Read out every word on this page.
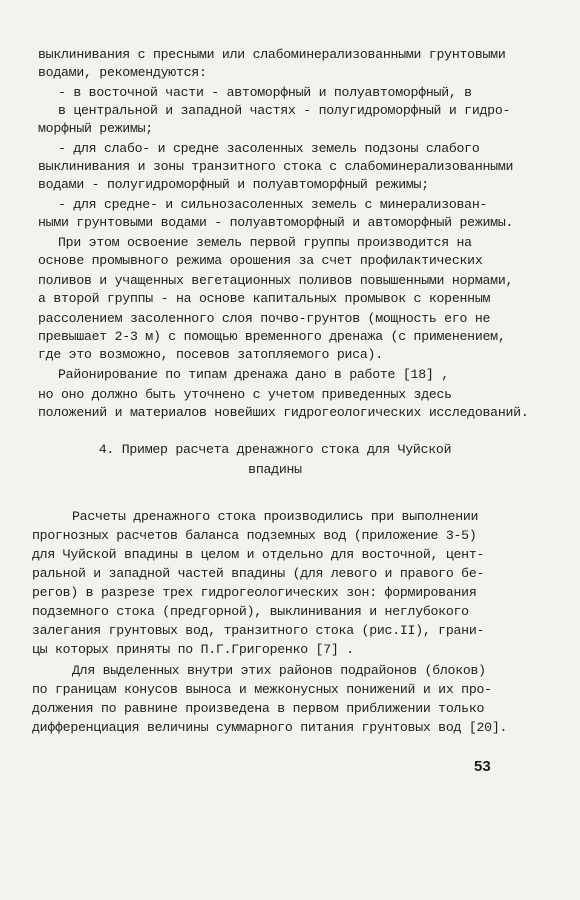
выклинивания с пресными или слабоминерализованными грунтовыми
водами, рекомендуются:
- в восточной части - автоморфный и полуавтоморфный, в
в центральной и западной частях - полугидроморфный и гидро-
морфный режимы;
- для слабо- и средне засоленных земель подзоны слабого
выклинивания и зоны транзитного стока с слабоминерализованными
водами - полугидроморфный и полуавтоморфный режимы;
- для средне- и сильнозасоленных земель с минерализован-
ными грунтовыми водами - полуавтоморфный и автоморфный режимы.
При этом освоение земель первой группы производится на
основе промывного режима орошения за счет профилактических
поливов и учащенных вегетационных поливов повышенными нормами,
а второй группы - на основе капитальных промывок с коренным
рассолением засоленного слоя почво-грунтов (мощность его не
превышает 2-3 м) с помощью временного дренажа (с применением,
где это возможно, посевов затопляемого риса).
Районирование по типам дренажа дано в работе [18] ,
но оно должно быть уточнено с учетом приведенных здесь
положений и материалов новейших гидрогеологических исследований.
4. Пример расчета дренажного стока для Чуйской
впадины
Расчеты дренажного стока производились при выполнении
прогнозных расчетов баланса подземных вод (приложение 3-5)
для Чуйской впадины в целом и отдельно для восточной, цент-
ральной и западной частей впадины (для левого и правого бе-
регов) в разрезе трех гидрогеологических зон: формирования
подземного стока (предгорной), выклинивания и неглубокого
залегания грунтовых вод, транзитного стока (рис.II), грани-
цы которых приняты по П.Г.Григоренко [7] .
Для выделенных внутри этих районов подрайонов (блоков)
по границам конусов выноса и межконусных понижений и их про-
должения по равнине произведена в первом приближении только
дифференциация величины суммарного питания грунтовых вод [20].
53
